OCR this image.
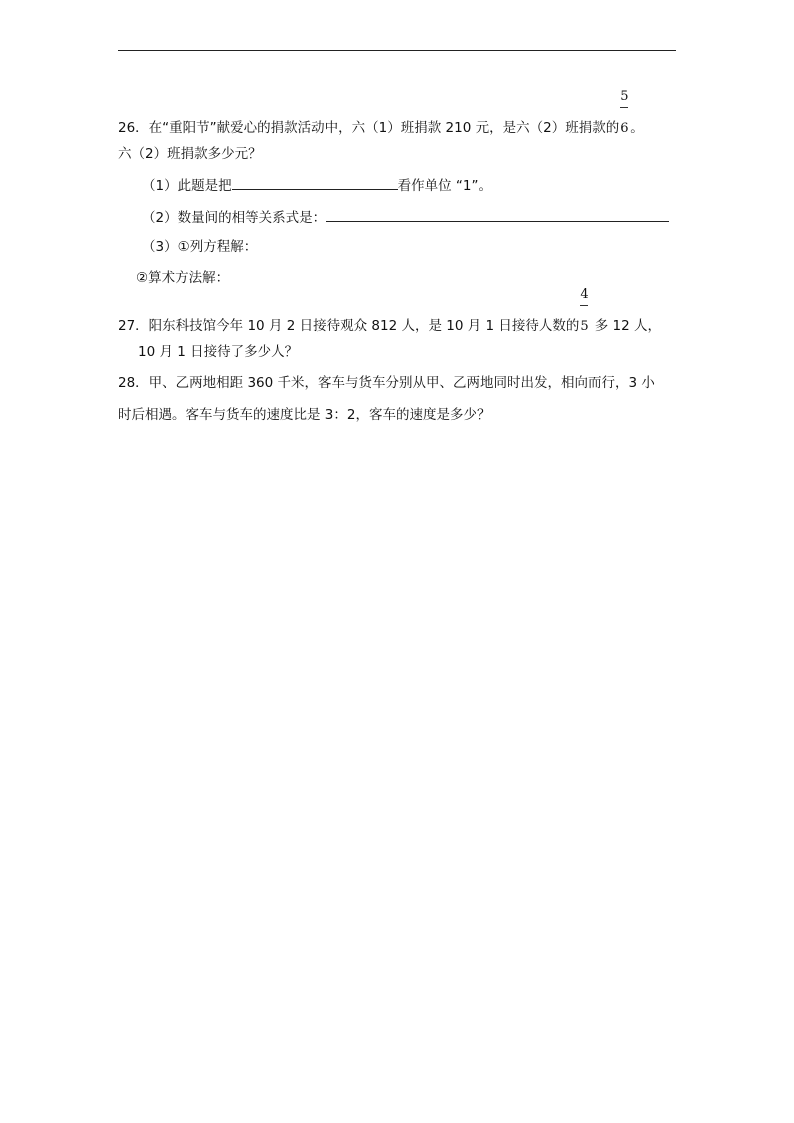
26．在“重阳节”献爱心的捐款活动中，六（1）班捐款 210 元，是六（2）班捐款的 $\frac{5}{6}$。
六（2）班捐款多少元？
（1）此题是把	看作单位 “1”。
（2）数量间的相等关系式是：
（3）①列方程解：
②算术方法解：
27．阳东科技馆今年 10 月 2 日接待观众 812 人，是 10 月 1 日接待人数的 $\frac{4}{5}$ 多 12 人，
10 月 1 日接待了多少人？
28．甲、乙两地相距 360 千米，客车与货车分别从甲、乙两地同时出发，相向而行，3 小
时后相遇。客车与货车的速度比是 3：2，客车的速度是多少？
